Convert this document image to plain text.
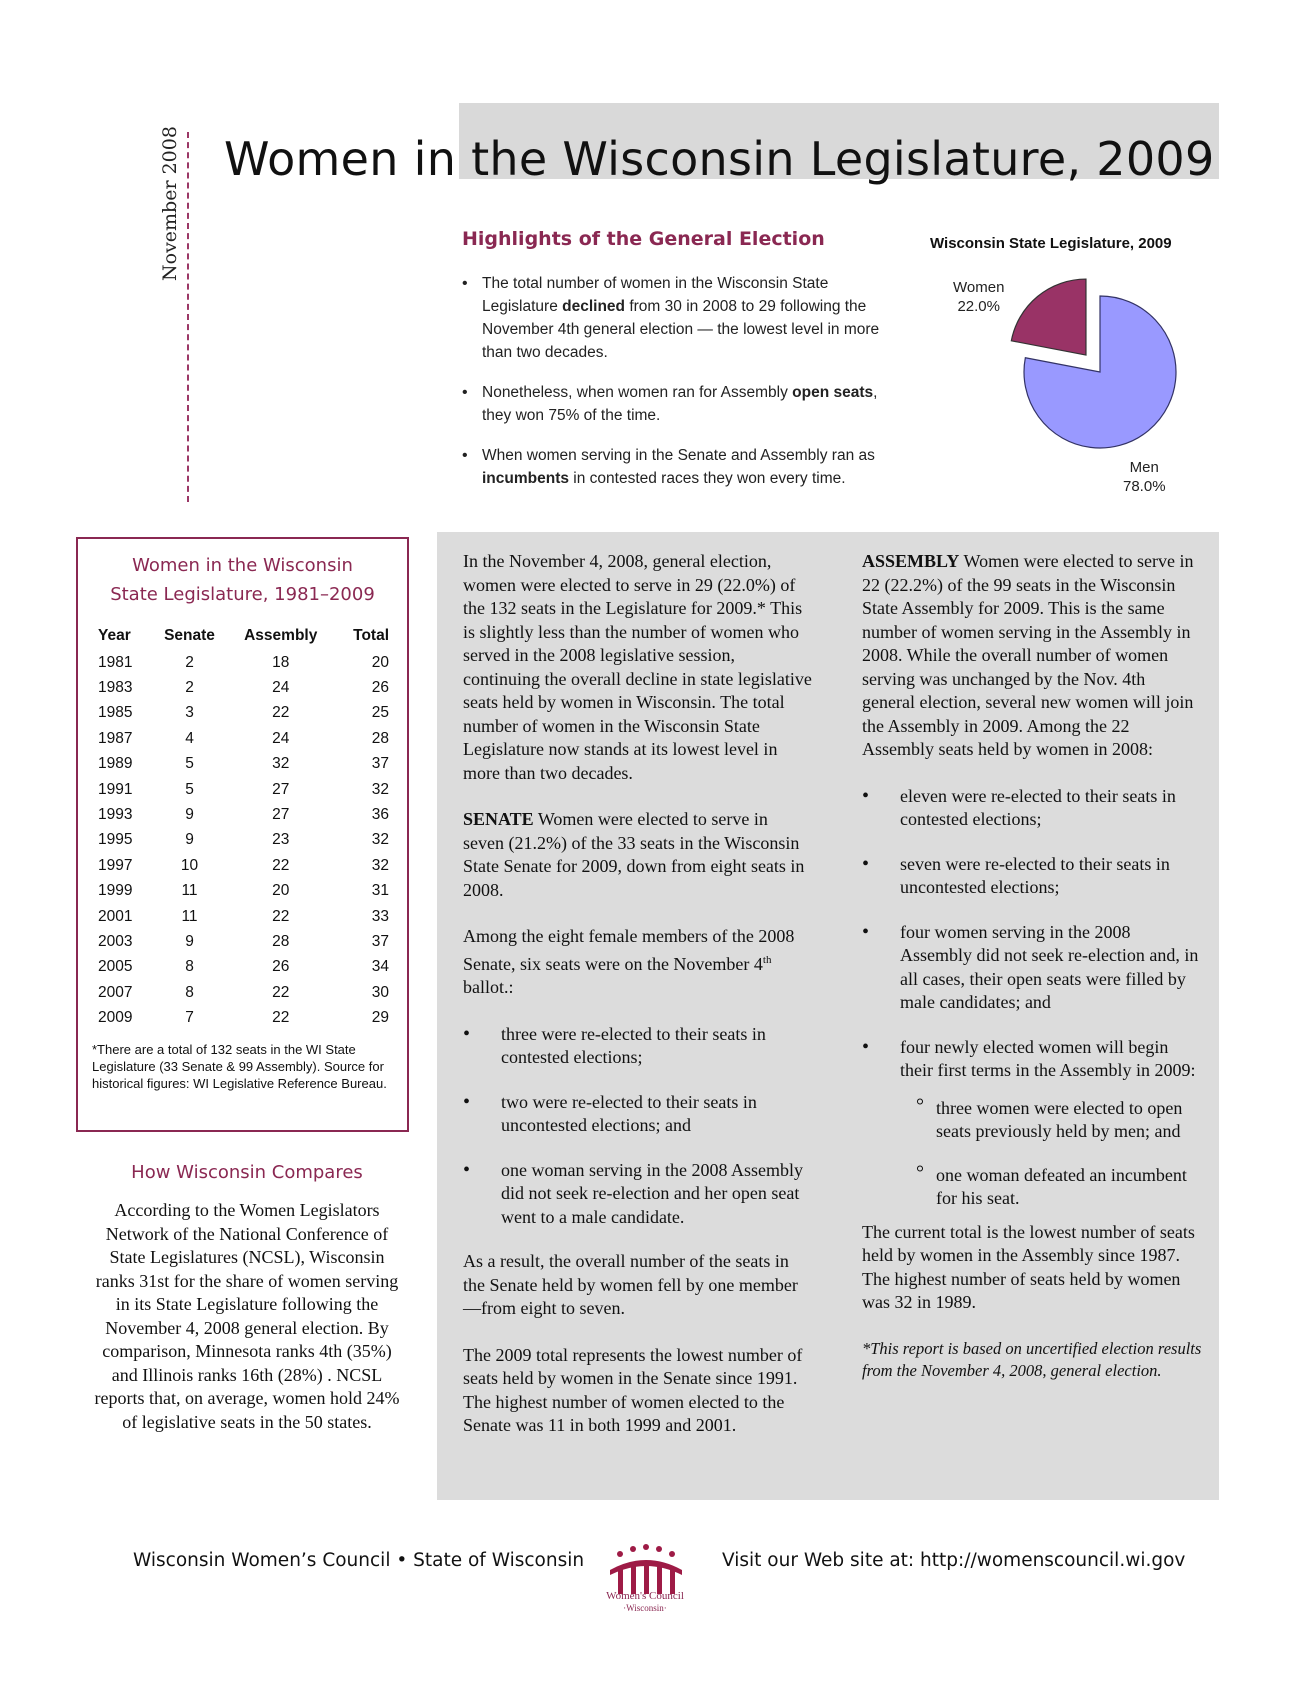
November 2008 Women in the Wisconsin Legislature, 2009
Highlights of the General Election
• The total number of women in the Wisconsin State Legislature declined from 30 in 2008 to 29 following the November 4th general election — the lowest level in more than two decades.
• Nonetheless, when women ran for Assembly open seats, they won 75% of the time.
• When women serving in the Senate and Assembly ran as incumbents in contested races they won every time.
Wisconsin State Legislature, 2009
Women
22.0%
Men
78.0%
Women in the Wisconsin
State Legislature, 1981–2009
Year	Senate	Assembly	Total
1981	2	18	20
1983	2	24	26
1985	3	22	25
1987	4	24	28
1989	5	32	37
1991	5	27	32
1993	9	27	36
1995	9	23	32
1997	10	22	32
1999	11	20	31
2001	11	22	33
2003	9	28	37
2005	8	26	34
2007	8	22	30
2009	7	22	29

*There are a total of 132 seats in the WI State Legislature (33 Senate & 99 Assembly). Source for historical figures: WI Legislative Reference Bureau.

How Wisconsin Compares

According to the Women Legislators Network of the National Conference of State Legislatures (NCSL), Wisconsin ranks 31st for the share of women serving in its State Legislature following the November 4, 2008 general election. By comparison, Minnesota ranks 4th (35%) and Illinois ranks 16th (28%) . NCSL reports that, on average, women hold 24% of legislative seats in the 50 states.

In the November 4, 2008, general election, women were elected to serve in 29 (22.0%) of the 132 seats in the Legislature for 2009.* This is slightly less than the number of women who served in the 2008 legislative session, continuing the overall decline in state legislative seats held by women in Wisconsin. The total number of women in the Wisconsin State Legislature now stands at its lowest level in more than two decades.

SENATE Women were elected to serve in seven (21.2%) of the 33 seats in the Wisconsin State Senate for 2009, down from eight seats in 2008.

Among the eight female members of the 2008 Senate, six seats were on the November 4th ballot.:

• three were re-elected to their seats in contested elections;
• two were re-elected to their seats in uncontested elections; and
• one woman serving in the 2008 Assembly did not seek re-election and her open seat went to a male candidate.

As a result, the overall number of the seats in the Senate held by women fell by one member—from eight to seven.

The 2009 total represents the lowest number of seats held by women in the Senate since 1991. The highest number of women elected to the Senate was 11 in both 1999 and 2001.

ASSEMBLY Women were elected to serve in 22 (22.2%) of the 99 seats in the Wisconsin State Assembly for 2009. This is the same number of women serving in the Assembly in 2008. While the overall number of women serving was unchanged by the Nov. 4th general election, several new women will join the Assembly in 2009. Among the 22 Assembly seats held by women in 2008:

• eleven were re-elected to their seats in contested elections;
• seven were re-elected to their seats in uncontested elections;
• four women serving in the 2008 Assembly did not seek re-election and, in all cases, their open seats were filled by male candidates; and
• four newly elected women will begin their first terms in the Assembly in 2009:
° three women were elected to open seats previously held by men; and
° one woman defeated an incumbent for his seat.

The current total is the lowest number of seats held by women in the Assembly since 1987. The highest number of seats held by women was 32 in 1989.

*This report is based on uncertified election results from the November 4, 2008, general election.

Wisconsin Women’s Council • State of Wisconsin
Women's Council
·Wisconsin·
Visit our Web site at: http://womenscouncil.wi.gov
